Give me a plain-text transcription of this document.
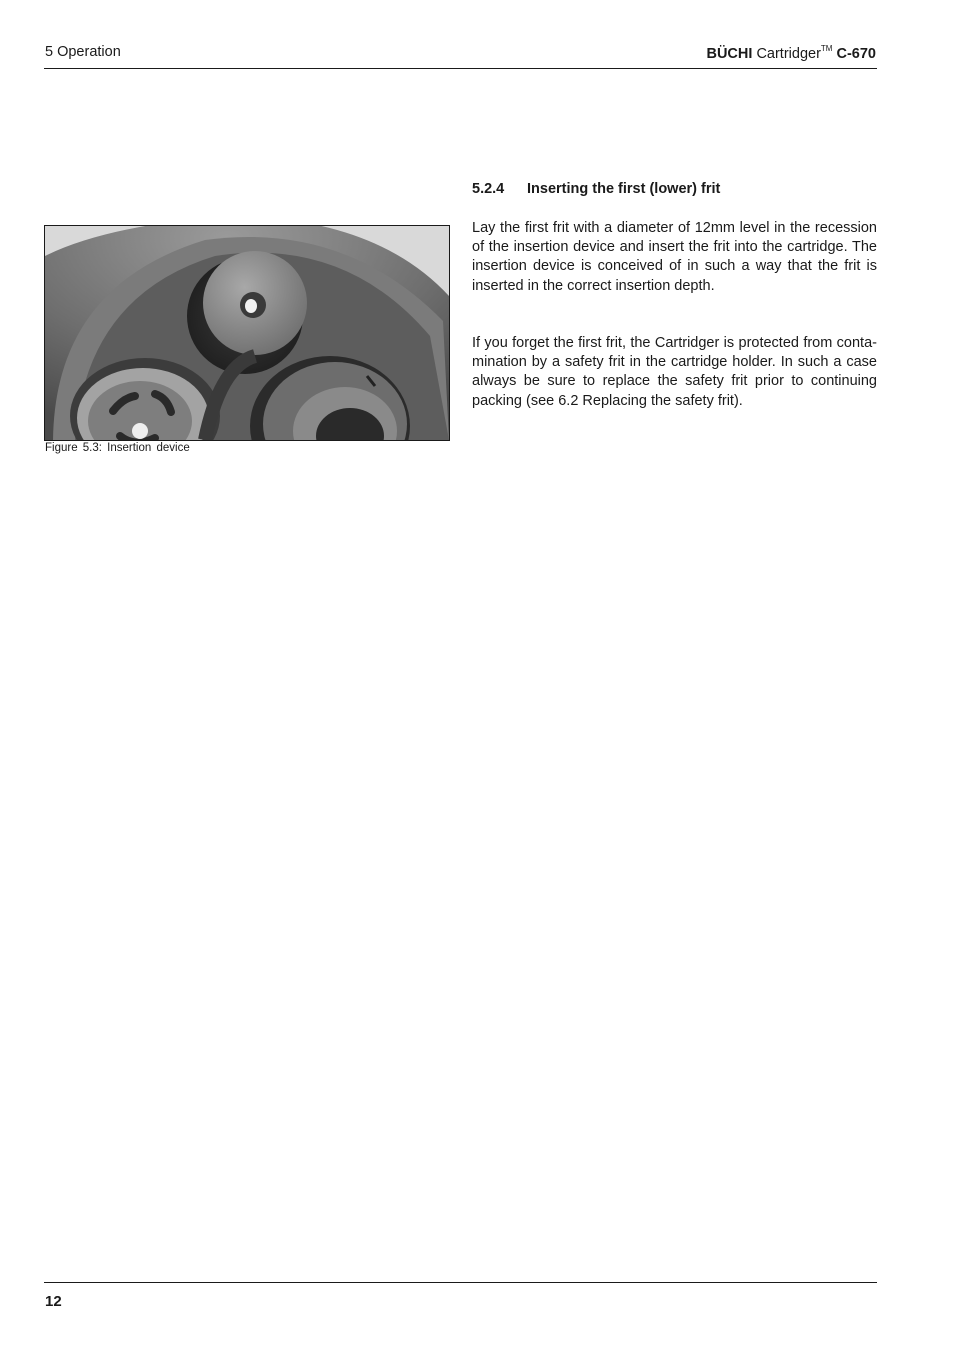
5 Operation	BÜCHI Cartridger™ C-670
5.2.4 Inserting the first (lower) frit

Lay the first frit with a diameter of 12mm level in the recession of the insertion device and insert the frit into the cartridge. The insertion device is conceived of in such a way that the frit is inserted in the correct insertion depth.

If you forget the first frit, the Cartridger is protected from contamination by a safety frit in the cartridge holder. In such a case always be sure to replace the safety frit prior to continuing packing (see 6.2 Replacing the safety frit).

Figure 5.3: Insertion device
12
